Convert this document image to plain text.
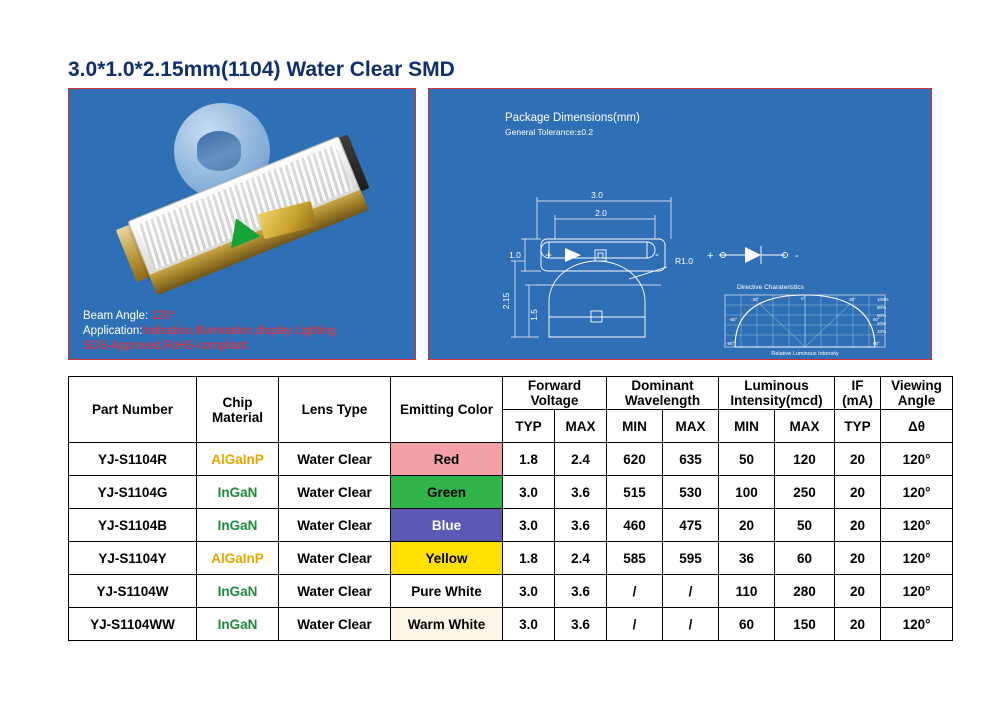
3.0*1.0*2.15mm(1104) Water Clear SMD
Beam Angle: 120°
Application:Indication,Illumination,display Lighting
SGS-Approved,RoHS-compliant.
Package Dimensions(mm)
General Tolerance:±0.2
+	-
3.0
2.0
1.0	+	-
R1.0
1.5
2.15
Directive Charateristics
-30°	0°	30°
60°
-60°
-90°	90°
100%
80%
60%
40%
20%
Relative Luminous Intensity
Part Number	Chip Material	Lens Type	Emitting Color	Forward Voltage		Dominant Wavelength		Luminous Intensity(mcd)		IF
(mA)	Viewing Angle
				TYP	MAX	MIN	MAX	MIN	MAX	TYP	Δθ
YJ-S1104R	AlGaInP	Water Clear	Red	1.8	2.4	620	635	50	120	20	120°
YJ-S1104G	InGaN	Water Clear	Green	3.0	3.6	515	530	100	250	20	120°
YJ-S1104B	InGaN	Water Clear	Blue	3.0	3.6	460	475	20	50	20	120°
YJ-S1104Y	AlGaInP	Water Clear	Yellow	1.8	2.4	585	595	36	60	20	120°
YJ-S1104W	InGaN	Water Clear	Pure White	3.0	3.6	/	/	110	280	20	120°
YJ-S1104WW	InGaN	Water Clear	Warm White	3.0	3.6	/	/	60	150	20	120°
